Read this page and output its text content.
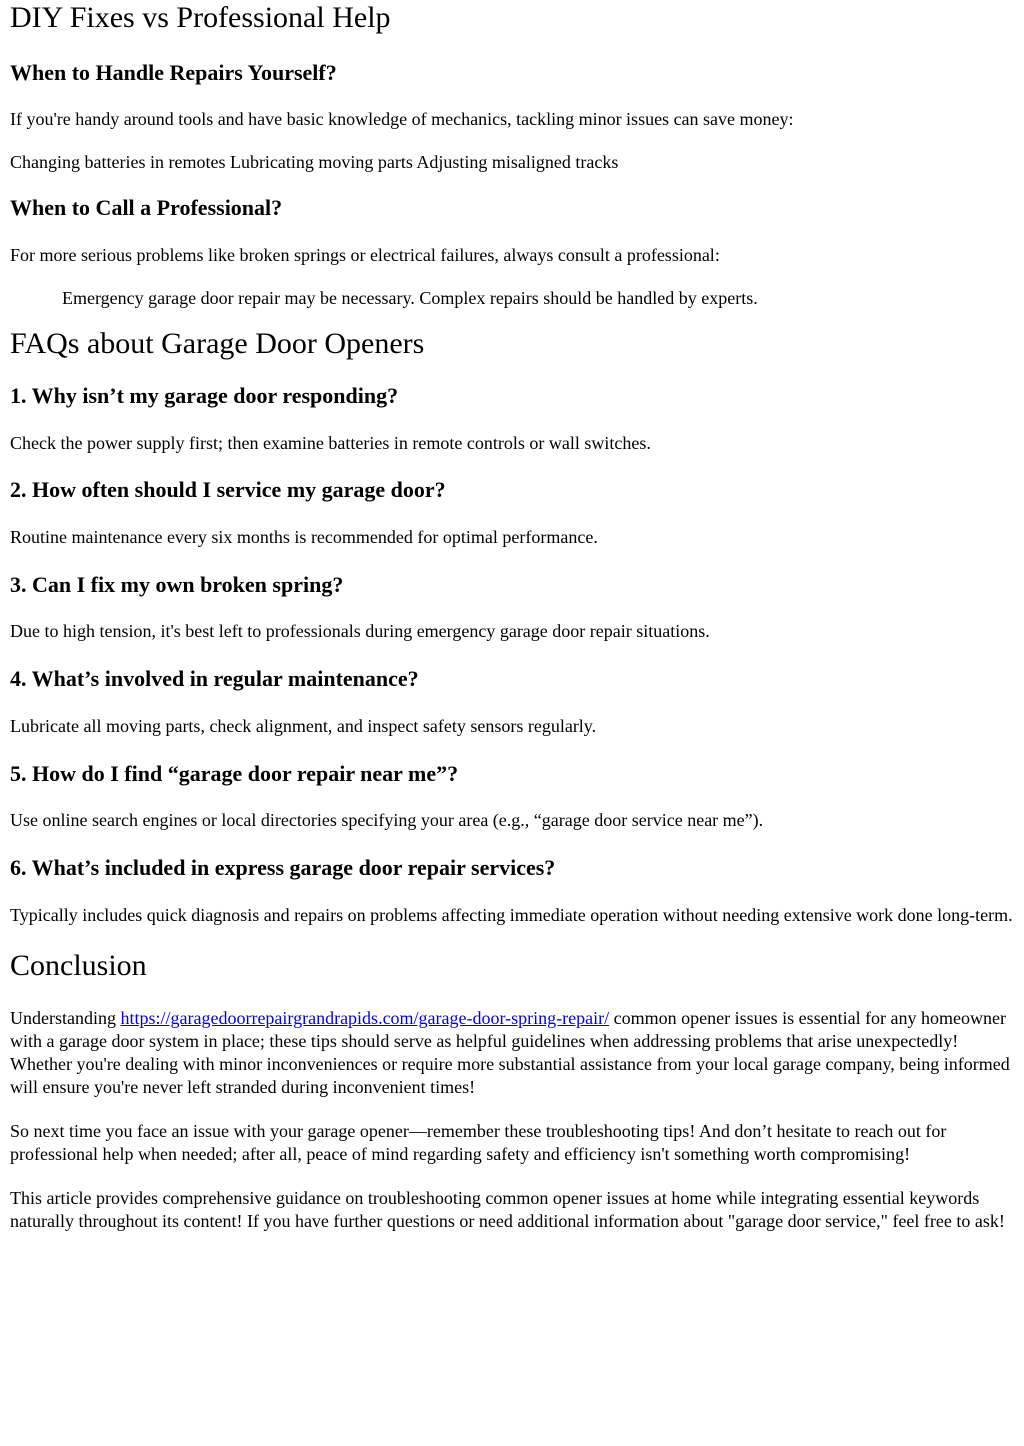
DIY Fixes vs Professional Help
When to Handle Repairs Yourself?

If you're handy around tools and have basic knowledge of mechanics, tackling minor issues can save money:

Changing batteries in remotes Lubricating moving parts Adjusting misaligned tracks

When to Call a Professional?

For more serious problems like broken springs or electrical failures, always consult a professional:

Emergency garage door repair may be necessary. Complex repairs should be handled by experts.

FAQs about Garage Door Openers
1. Why isn’t my garage door responding?

Check the power supply first; then examine batteries in remote controls or wall switches.

2. How often should I service my garage door?

Routine maintenance every six months is recommended for optimal performance.

3. Can I fix my own broken spring?

Due to high tension, it's best left to professionals during emergency garage door repair situations.

4. What’s involved in regular maintenance?

Lubricate all moving parts, check alignment, and inspect safety sensors regularly.

5. How do I find “garage door repair near me”?

Use online search engines or local directories specifying your area (e.g., “garage door service near me”).

6. What’s included in express garage door repair services?

Typically includes quick diagnosis and repairs on problems affecting immediate operation without needing extensive work done long-term.

Conclusion

Understanding https://garagedoorrepairgrandrapids.com/garage-door-spring-repair/ common opener issues is essential for any homeowner with a garage door system in place; these tips should serve as helpful guidelines when addressing problems that arise unexpectedly! Whether you're dealing with minor inconveniences or require more substantial assistance from your local garage company, being informed will ensure you're never left stranded during inconvenient times!

So next time you face an issue with your garage opener—remember these troubleshooting tips! And don’t hesitate to reach out for professional help when needed; after all, peace of mind regarding safety and efficiency isn't something worth compromising!

This article provides comprehensive guidance on troubleshooting common opener issues at home while integrating essential keywords naturally throughout its content! If you have further questions or need additional information about "garage door service," feel free to ask!
